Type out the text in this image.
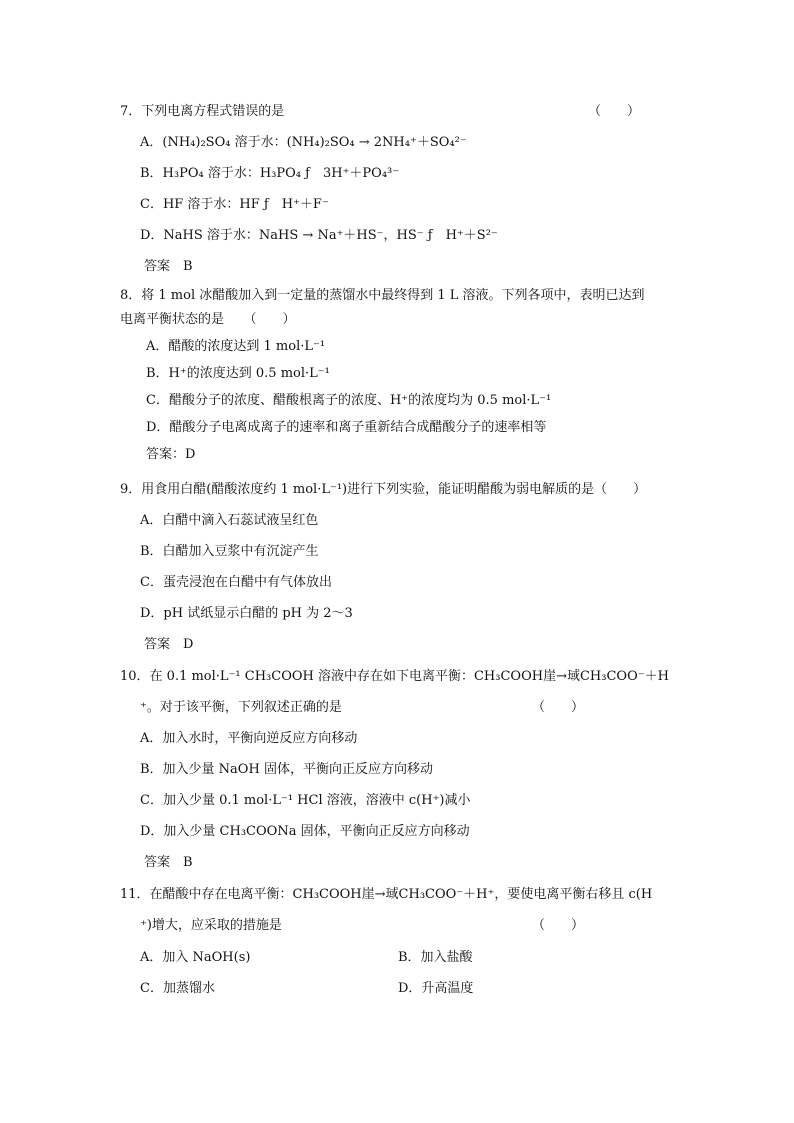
7．下列电离方程式错误的是	（　　）
A．(NH₄)₂SO₄ 溶于水：(NH₄)₂SO₄ → 2NH₄⁺＋SO₄²⁻
B．H₃PO₄ 溶于水：H₃PO₄ ƒ　3H⁺＋PO₄³⁻
C．HF 溶于水：HF ƒ　H⁺＋F⁻
D．NaHS 溶于水：NaHS → Na⁺＋HS⁻，HS⁻ ƒ　H⁺＋S²⁻
答案　B
8．将 1 mol 冰醋酸加入到一定量的蒸馏水中最终得到 1 L 溶液。下列各项中，表明已达到
电离平衡状态的是　　（　　）
A．醋酸的浓度达到 1 mol·L⁻¹
B．H⁺的浓度达到 0.5 mol·L⁻¹
C．醋酸分子的浓度、醋酸根离子的浓度、H⁺的浓度均为 0.5 mol·L⁻¹
D．醋酸分子电离成离子的速率和离子重新结合成醋酸分子的速率相等
答案：D
9．用食用白醋(醋酸浓度约 1 mol·L⁻¹)进行下列实验，能证明醋酸为弱电解质的是（　　）
A．白醋中滴入石蕊试液呈红色
B．白醋加入豆浆中有沉淀产生
C．蛋壳浸泡在白醋中有气体放出
D．pH 试纸显示白醋的 pH 为 2～3
答案　D
10．在 0.1 mol·L⁻¹ CH₃COOH 溶液中存在如下电离平衡：CH₃COOH崖→琙CH₃COO⁻＋H
⁺。对于该平衡，下列叙述正确的是	（　　）
A．加入水时，平衡向逆反应方向移动
B．加入少量 NaOH 固体，平衡向正反应方向移动
C．加入少量 0.1 mol·L⁻¹ HCl 溶液，溶液中 c(H⁺)减小
D．加入少量 CH₃COONa 固体，平衡向正反应方向移动
答案　B
11．在醋酸中存在电离平衡：CH₃COOH崖→琙CH₃COO⁻＋H⁺，要使电离平衡右移且 c(H
⁺)增大，应采取的措施是	（　　）
A．加入 NaOH(s)	B．加入盐酸
C．加蒸馏水	D．升高温度
